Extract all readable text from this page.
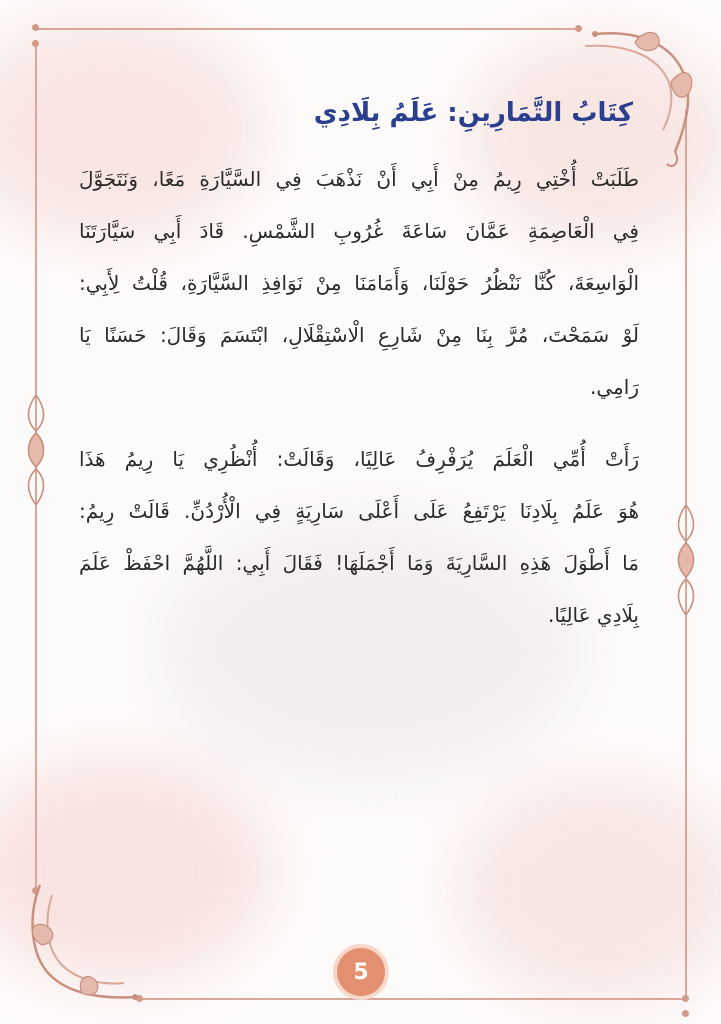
كِتَابُ التَّمَارِينِ: عَلَمُ بِلَادِي
طَلَبَتْ أُخْتِي رِيمُ مِنْ أَبِي أَنْ نَذْهَبَ فِي السَّيَّارَةِ مَعًا، وَنَتَجَوَّلَ
فِي الْعَاصِمَةِ عَمَّانَ سَاعَةَ غُرُوبِ الشَّمْسِ. قَادَ أَبِي سَيَّارَتَنَا
الْوَاسِعَةَ، كُنَّا نَنْظُرُ حَوْلَنَا، وَأَمَامَنَا مِنْ نَوَافِذِ السَّيَّارَةِ، قُلْتُ لِأَبِي:
لَوْ سَمَحْتَ، مُرَّ بِنَا مِنْ شَارِعِ الْاسْتِقْلَالِ، ابْتَسَمَ وَقَالَ: حَسَنًا يَا
رَامِي.
رَأَتْ أُمِّي الْعَلَمَ يُرَفْرِفُ عَالِيًا، وَقَالَتْ: أُنْظُرِي يَا رِيمُ هَذَا
هُوَ عَلَمُ بِلَادِنَا يَرْتَفِعُ عَلَى أَعْلَى سَارِيَةٍ فِي الْأُرْدُنِّ. قَالَتْ رِيمُ:
مَا أَطْوَلَ هَذِهِ السَّارِيَةَ وَمَا أَجْمَلَهَا! فَقَالَ أَبِي: اللَّهُمَّ احْفَظْ عَلَمَ
بِلَادِي عَالِيًا.
5
